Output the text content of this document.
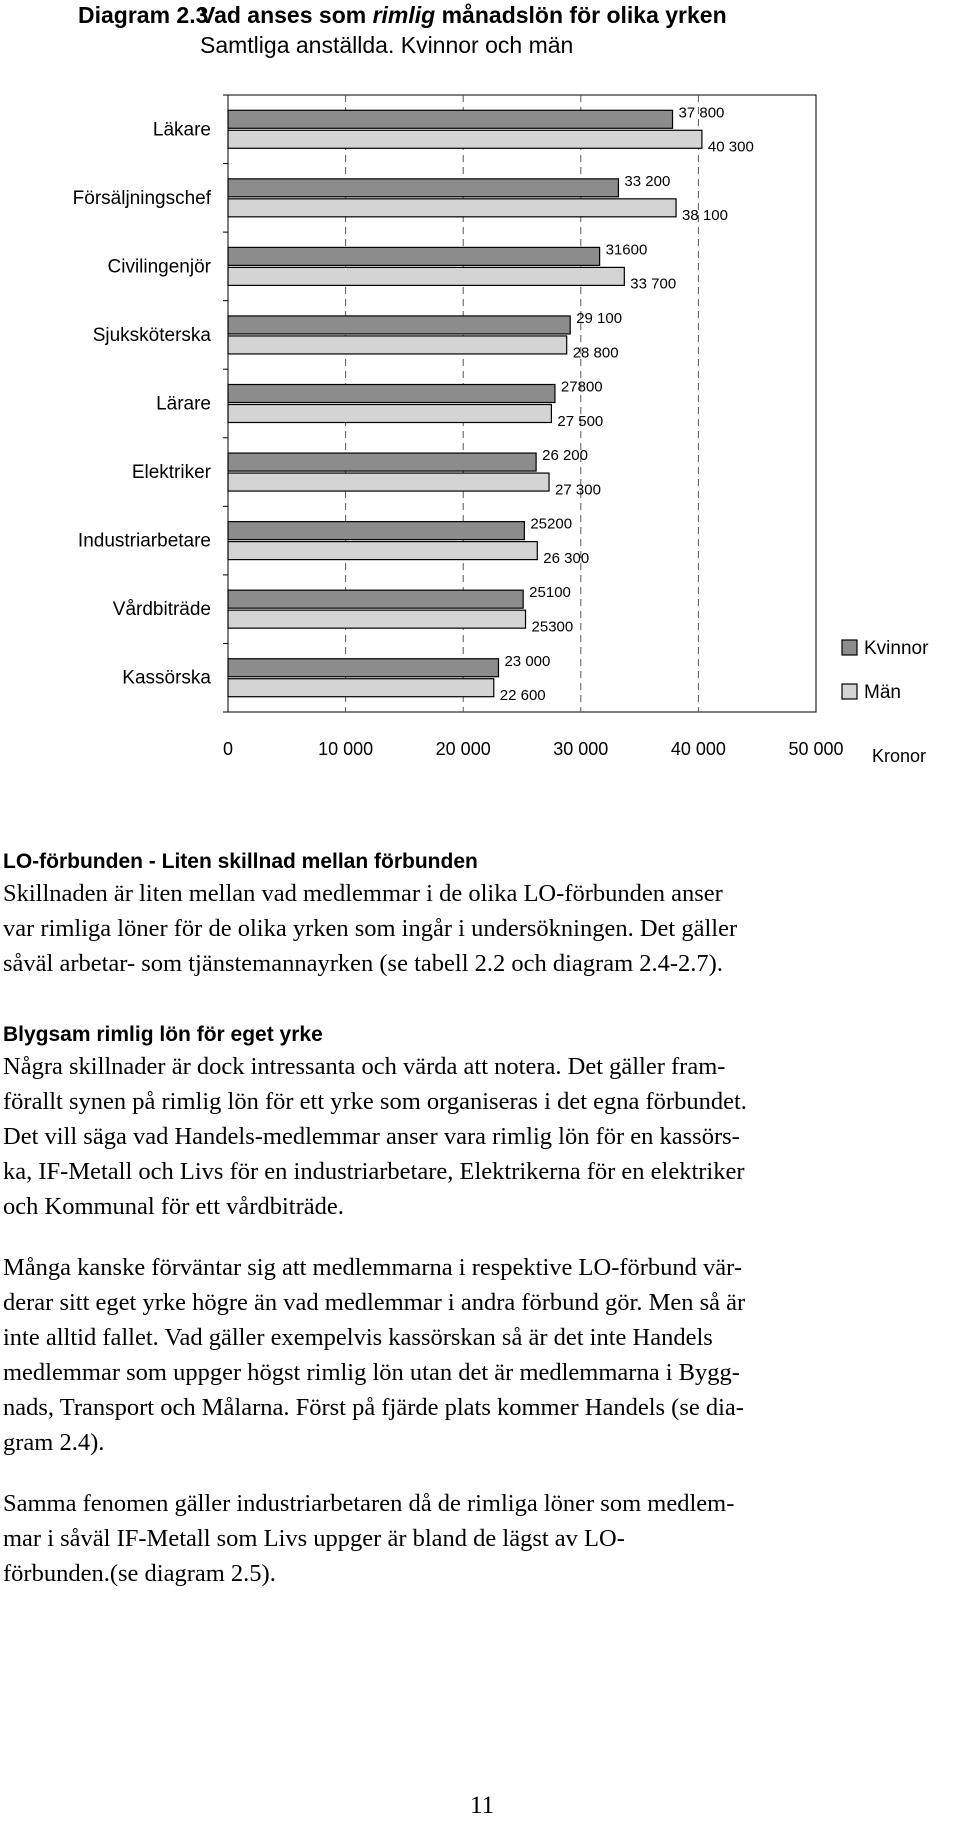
Diagram 2.3Vad anses som rimlig månadslön för olika yrken
Samtliga anställda. Kvinnor och män
0	10 000	20 000	30 000	40 000	50 000 Kronor
Läkare
37 800
40 300
Försäljningschef
33 200
38 100
Civilingenjör
31600
33 700
Sjuksköterska
29 100
28 800
Lärare
27800
27 500
Elektriker
26 200
27 300
Industriarbetare
25200
26 300
Vårdbiträde
25100
25300
Kassörska
23 000
22 600
Kvinnor
Män
LO-förbunden - Liten skillnad mellan förbunden

Skillnaden är liten mellan vad medlemmar i de olika LO-förbunden anser
var rimliga löner för de olika yrken som ingår i undersökningen. Det gäller
såväl arbetar- som tjänstemannayrken (se tabell 2.2 och diagram 2.4-2.7).

Blygsam rimlig lön för eget yrke

Några skillnader är dock intressanta och värda att notera. Det gäller fram-
förallt synen på rimlig lön för ett yrke som organiseras i det egna förbundet.
Det vill säga vad Handels-medlemmar anser vara rimlig lön för en kassörs-
ka, IF-Metall och Livs för en industriarbetare, Elektrikerna för en elektriker
och Kommunal för ett vårdbiträde.

Många kanske förväntar sig att medlemmarna i respektive LO-förbund vär-
derar sitt eget yrke högre än vad medlemmar i andra förbund gör. Men så är
inte alltid fallet. Vad gäller exempelvis kassörskan så är det inte Handels
medlemmar som uppger högst rimlig lön utan det är medlemmarna i Bygg-
nads, Transport och Målarna. Först på fjärde plats kommer Handels (se dia-
gram 2.4).

Samma fenomen gäller industriarbetaren då de rimliga löner som medlem-
mar i såväl IF-Metall som Livs uppger är bland de lägst av LO-
förbunden.(se diagram 2.5).

11
